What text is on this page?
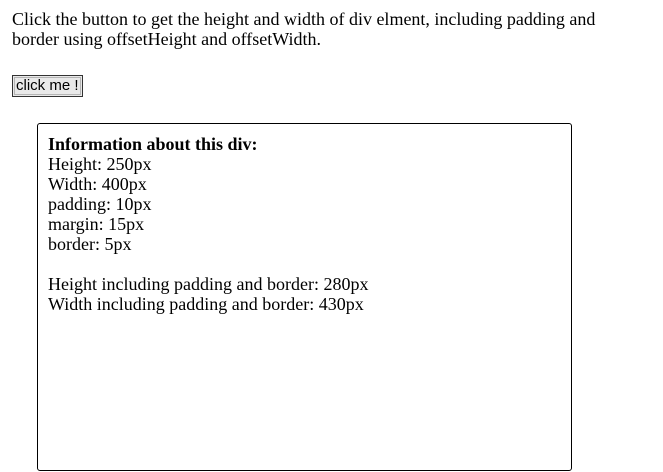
Click the button to get the height and width of div elment, including padding and border using offsetHeight and offsetWidth.

click me !

Information about this div:

Height: 250px

Width: 400px

padding: 10px

margin: 15px

border: 5px

Height including padding and border: 280px

Width including padding and border: 430px
